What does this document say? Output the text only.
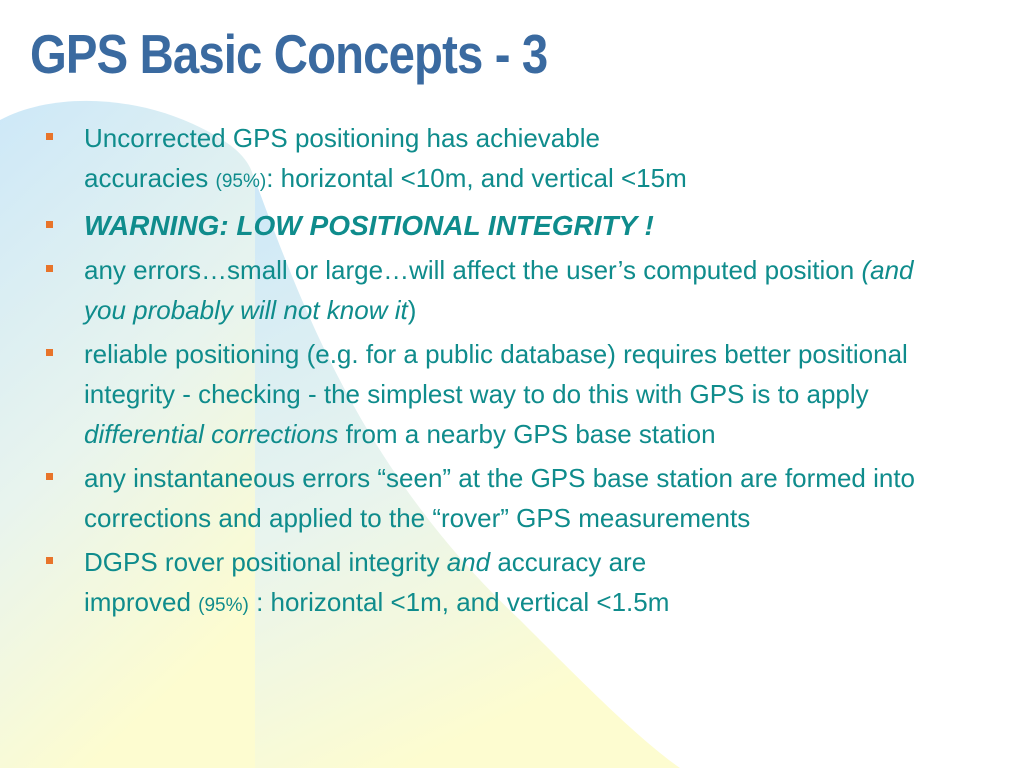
GPS Basic Concepts - 3
Uncorrected GPS positioning has achievable
accuracies (95%): horizontal <10m, and vertical <15m
WARNING: LOW POSITIONAL INTEGRITY !
any errors…small or large…will affect the user’s computed position (and you probably will not know it)
reliable positioning (e.g. for a public database) requires better positional integrity - checking - the simplest way to do this with GPS is to apply differential corrections from a nearby GPS base station
any instantaneous errors “seen” at the GPS base station are formed into corrections and applied to the “rover” GPS measurements
DGPS rover positional integrity and accuracy are
improved (95%) : horizontal <1m, and vertical <1.5m
